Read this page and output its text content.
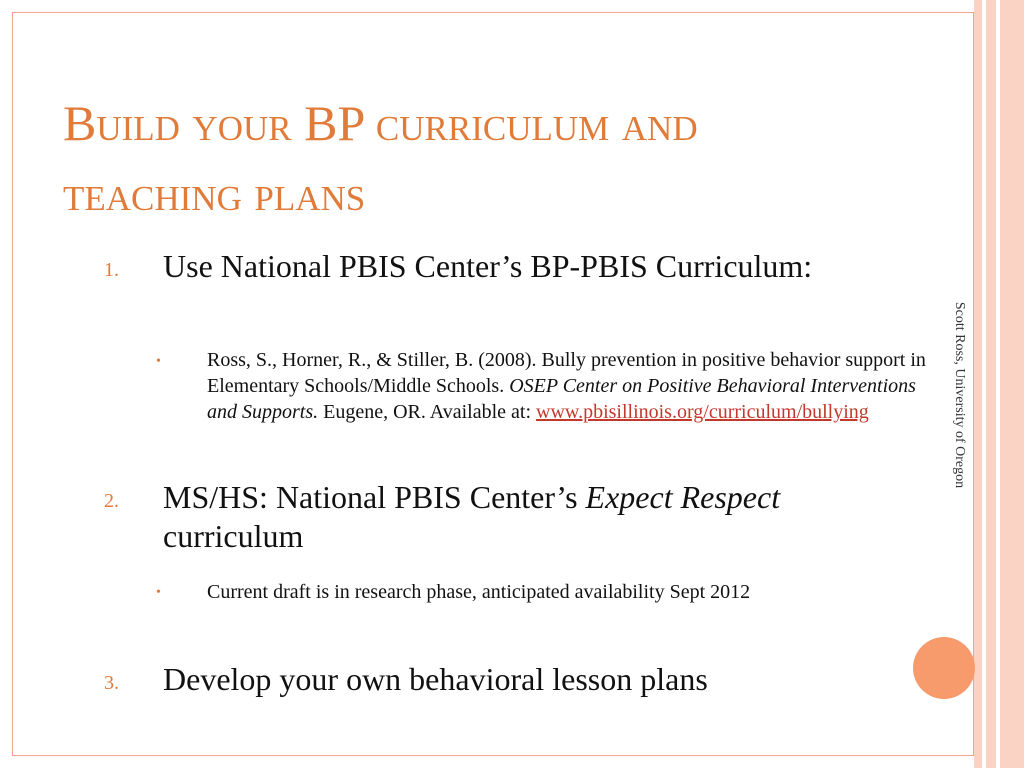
Scott Ross, University of Oregon
Build your BP curriculum and
teaching plans
1. Use National PBIS Center’s BP-PBIS Curriculum:
• Ross, S., Horner, R., & Stiller, B. (2008). Bully prevention in positive behavior support in Elementary Schools/Middle Schools. OSEP Center on Positive Behavioral Interventions and Supports. Eugene, OR. Available at: www.pbisillinois.org/curriculum/bullying
2. MS/HS: National PBIS Center’s Expect Respect curriculum
• Current draft is in research phase, anticipated availability Sept 2012
3. Develop your own behavioral lesson plans
